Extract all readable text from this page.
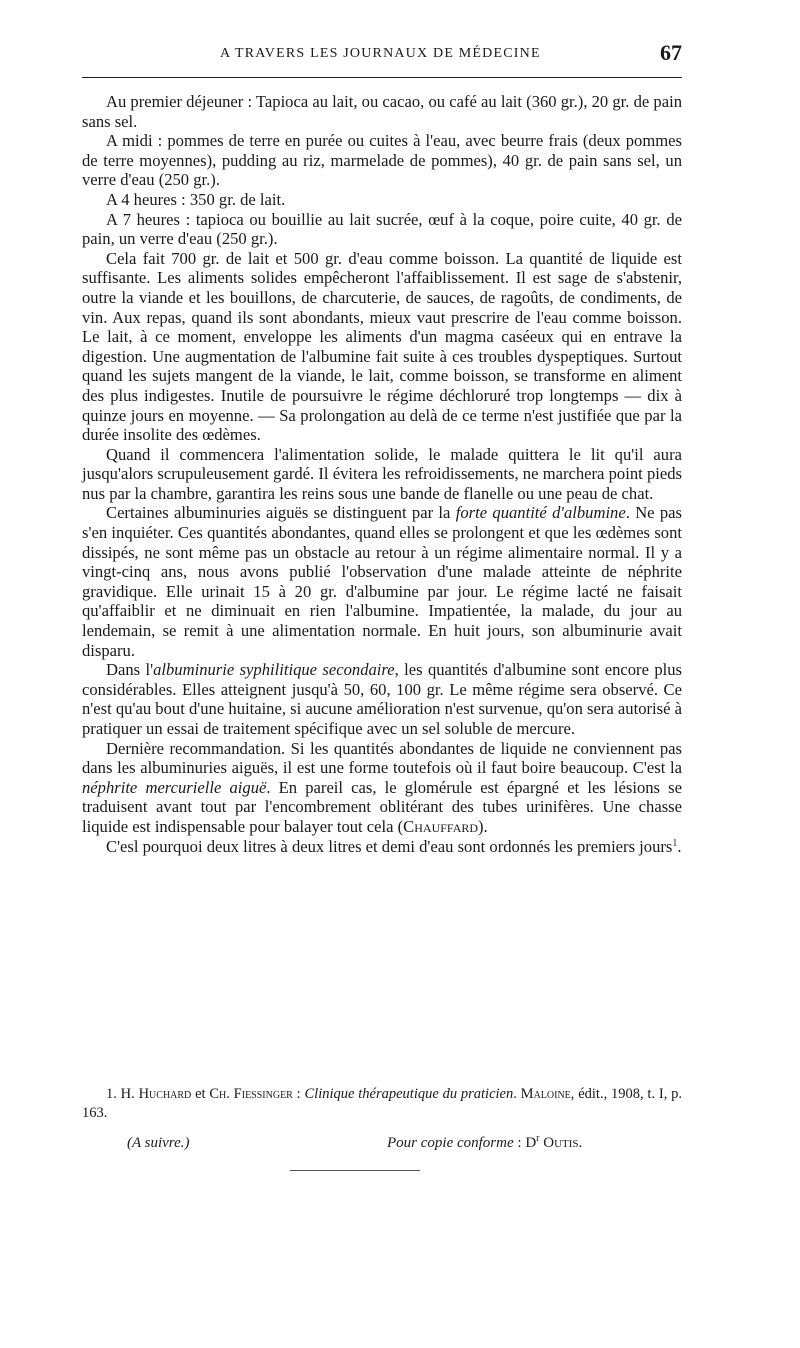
A TRAVERS LES JOURNAUX DE MÉDECINE	67

Au premier déjeuner : Tapioca au lait, ou cacao, ou café au lait (360 gr.), 20 gr. de pain sans sel.

A midi : pommes de terre en purée ou cuites à l'eau, avec beurre frais (deux pommes de terre moyennes), pudding au riz, marmelade de pommes), 40 gr. de pain sans sel, un verre d'eau (250 gr.).

A 4 heures : 350 gr. de lait.

A 7 heures : tapioca ou bouillie au lait sucrée, œuf à la coque, poire cuite, 40 gr. de pain, un verre d'eau (250 gr.).

Cela fait 700 gr. de lait et 500 gr. d'eau comme boisson. La quantité de liquide est suffisante. Les aliments solides empêcheront l'affaiblissement. Il est sage de s'abstenir, outre la viande et les bouillons, de charcuterie, de sauces, de ragoûts, de condiments, de vin. Aux repas, quand ils sont abondants, mieux vaut prescrire de l'eau comme boisson. Le lait, à ce moment, enveloppe les aliments d'un magma caséeux qui en entrave la digestion. Une augmentation de l'albumine fait suite à ces troubles dyspeptiques. Surtout quand les sujets mangent de la viande, le lait, comme boisson, se transforme en aliment des plus indigestes. Inutile de poursuivre le régime déchloruré trop longtemps — dix à quinze jours en moyenne. — Sa prolongation au delà de ce terme n'est justifiée que par la durée insolite des œdèmes.

Quand il commencera l'alimentation solide, le malade quittera le lit qu'il aura jusqu'alors scrupuleusement gardé. Il évitera les refroidissements, ne marchera point pieds nus par la chambre, garantira les reins sous une bande de flanelle ou une peau de chat.

Certaines albuminuries aiguës se distinguent par la forte quantité d'albumine. Ne pas s'en inquiéter. Ces quantités abondantes, quand elles se prolongent et que les œdèmes sont dissipés, ne sont même pas un obstacle au retour à un régime alimentaire normal. Il y a vingt-cinq ans, nous avons publié l'observation d'une malade atteinte de néphrite gravidique. Elle urinait 15 à 20 gr. d'albumine par jour. Le régime lacté ne faisait qu'affaiblir et ne diminuait en rien l'albumine. Impatientée, la malade, du jour au lendemain, se remit à une alimentation normale. En huit jours, son albuminurie avait disparu.

Dans l'albuminurie syphilitique secondaire, les quantités d'albumine sont encore plus considérables. Elles atteignent jusqu'à 50, 60, 100 gr. Le même régime sera observé. Ce n'est qu'au bout d'une huitaine, si aucune amélioration n'est survenue, qu'on sera autorisé à pratiquer un essai de traitement spécifique avec un sel soluble de mercure.

Dernière recommandation. Si les quantités abondantes de liquide ne conviennent pas dans les albuminuries aiguës, il est une forme toutefois où il faut boire beaucoup. C'est la néphrite mercurielle aiguë. En pareil cas, le glomérule est épargné et les lésions se traduisent avant tout par l'encombrement oblitérant des tubes urinifères. Une chasse liquide est indispensable pour balayer tout cela (Chauffard).

C'esl pourquoi deux litres à deux litres et demi d'eau sont ordonnés les premiers jours$^1$.

1. H. Huchard et Ch. Fiessinger : Clinique thérapeutique du praticien. Maloine, édit., 1908, t. I, p. 163.

(A suivre.)	Pour copie conforme : $D^r$ Outis.
